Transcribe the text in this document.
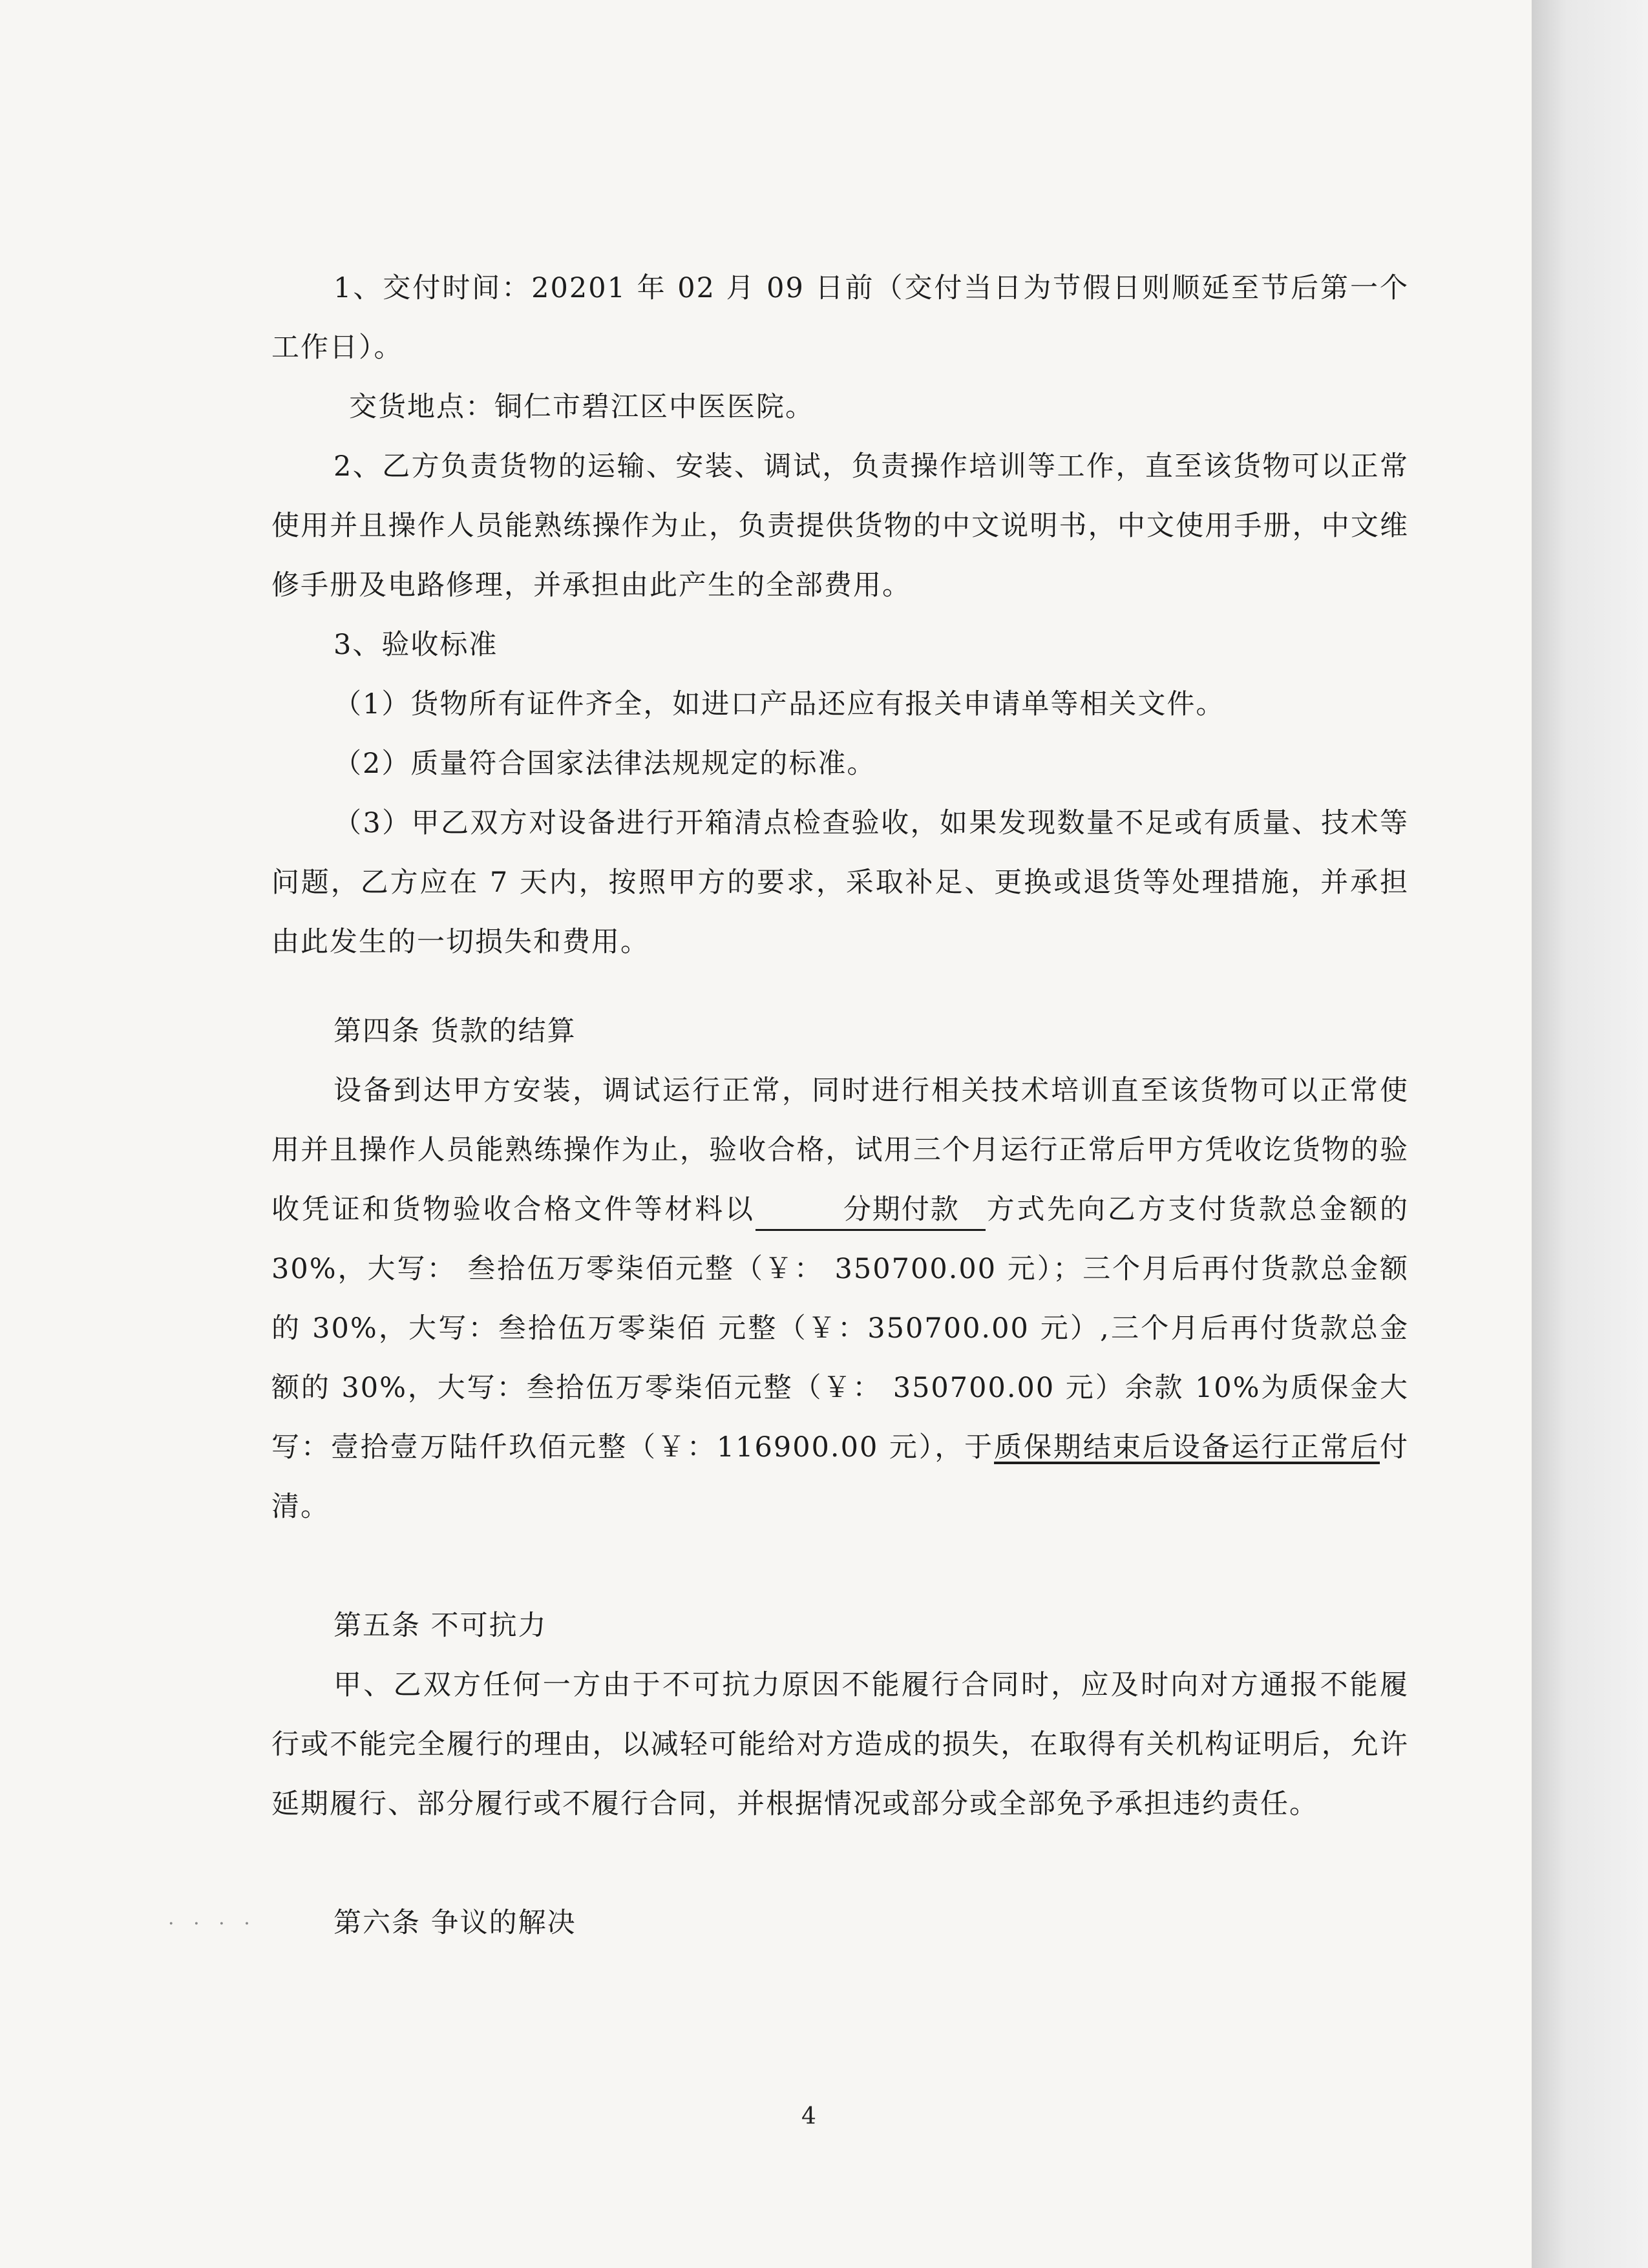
1、交付时间：20201 年 02 月 09 日前（交付当日为节假日则顺延至节后第一个工作日）。

交货地点：铜仁市碧江区中医医院。

2、乙方负责货物的运输、安装、调试，负责操作培训等工作，直至该货物可以正常使用并且操作人员能熟练操作为止，负责提供货物的中文说明书，中文使用手册，中文维修手册及电路修理，并承担由此产生的全部费用。

3、验收标准

（1）货物所有证件齐全，如进口产品还应有报关申请单等相关文件。

（2）质量符合国家法律法规规定的标准。

（3）甲乙双方对设备进行开箱清点检查验收，如果发现数量不足或有质量、技术等问题，乙方应在 7 天内，按照甲方的要求，采取补足、更换或退货等处理措施，并承担由此发生的一切损失和费用。

第四条 货款的结算

设备到达甲方安装，调试运行正常，同时进行相关技术培训直至该货物可以正常使用并且操作人员能熟练操作为止，验收合格，试用三个月运行正常后甲方凭收讫货物的验收凭证和货物验收合格文件等材料以	分期付款 方式先向乙方支付货款总金额的 30%，大写： 叁拾伍万零柒佰元整（￥： 350700.00 元）；三个月后再付货款总金额的 30%，大写：叁拾伍万零柒佰 元整（￥：350700.00 元）,三个月后再付货款总金额的 30%，大写：叁拾伍万零柒佰元整（￥： 350700.00 元）余款 10%为质保金大写：壹拾壹万陆仟玖佰元整（￥：116900.00 元），于质保期结束后设备运行正常后付清。

第五条 不可抗力

甲、乙双方任何一方由于不可抗力原因不能履行合同时，应及时向对方通报不能履行或不能完全履行的理由，以减轻可能给对方造成的损失，在取得有关机构证明后，允许延期履行、部分履行或不履行合同，并根据情况或部分或全部免予承担违约责任。

第六条 争议的解决

· · · ·
4
